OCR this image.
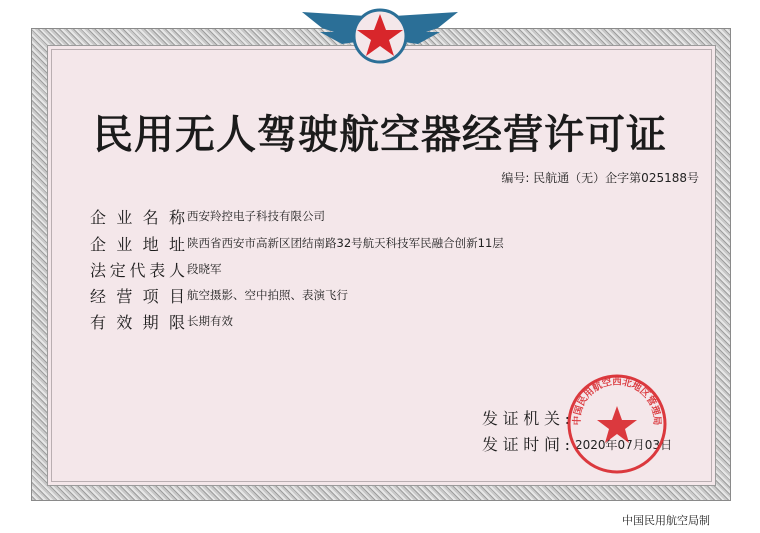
民用无人驾驶航空器经营许可证
编号: 民航通（无）企字第025188号
企业名称 西安羚控电子科技有限公司
企业地址 陕西省西安市高新区团结南路32号航天科技军民融合创新11层
法定代表人 段晓军
经营项目 航空摄影、空中拍照、表演飞行
有效期限 长期有效
发证机关:
发证时间: 2020年07月03日
中国民用航空西北地区管理局
中国民用航空局制
